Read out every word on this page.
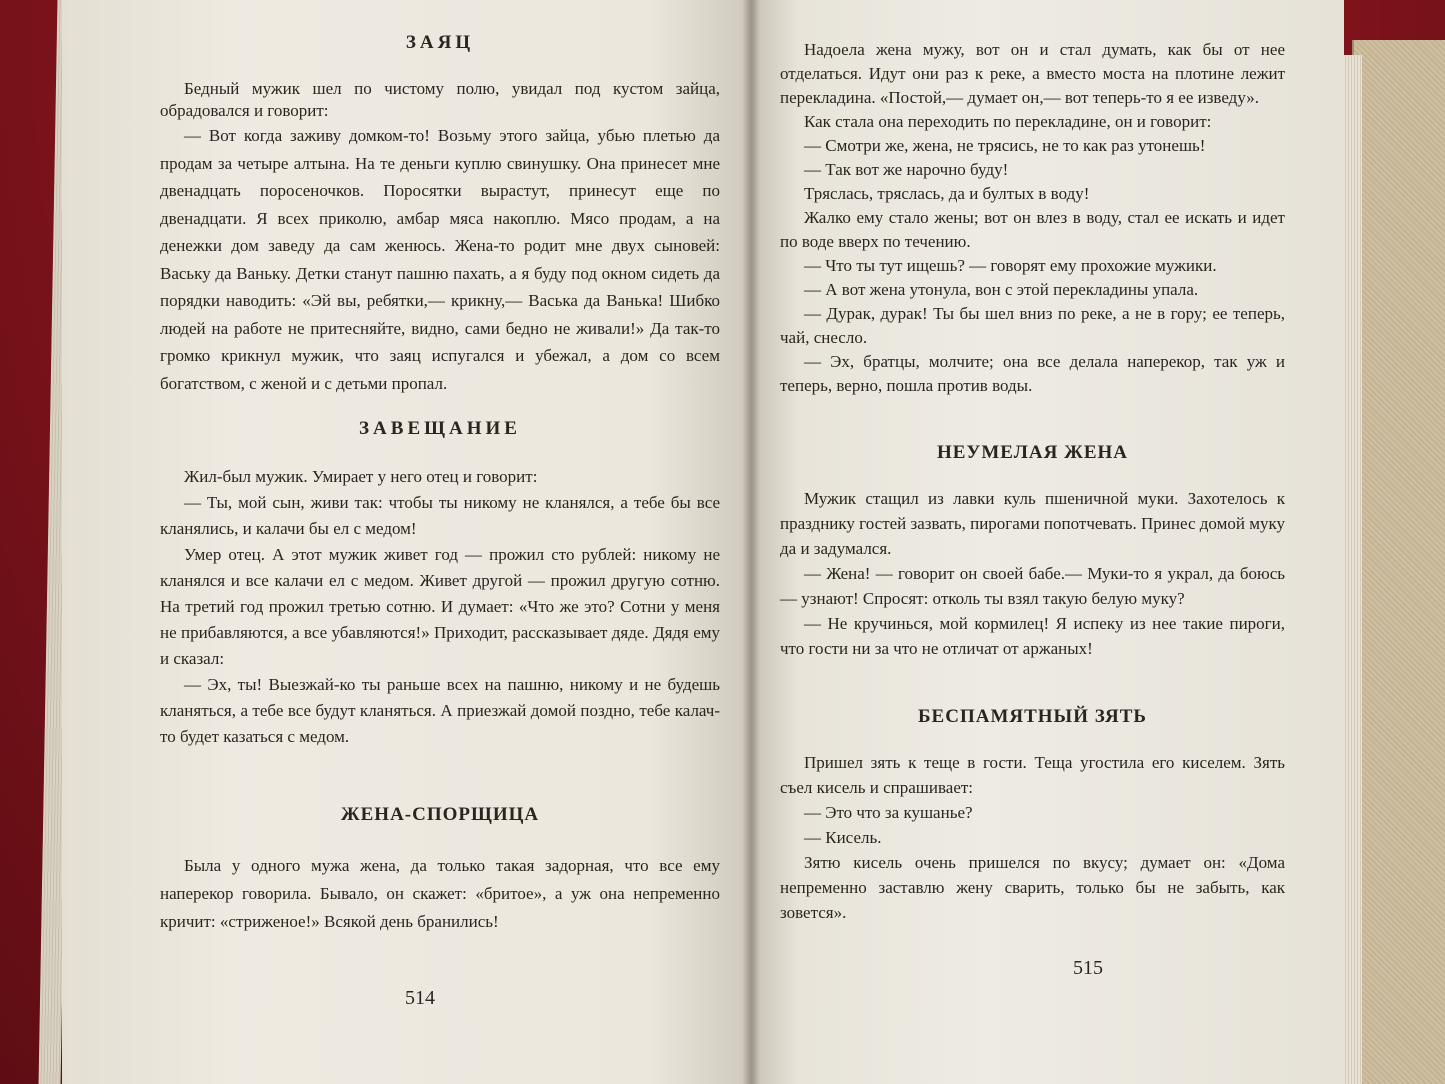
ЗАЯЦ

Бедный мужик шел по чистому полю, увидал под кустом зайца, обрадовался и говорит:

— Вот когда заживу домком-то! Возьму этого зайца, убью плетью да продам за четыре алтына. На те деньги куплю свинушку. Она принесет мне двенадцать поросеночков. Поросятки вырастут, принесут еще по двенадцати. Я всех приколю, амбар мяса накоплю. Мясо продам, а на денежки дом заведу да сам женюсь. Жена-то родит мне двух сыновей: Ваську да Ваньку. Детки станут пашню пахать, а я буду под окном сидеть да порядки наводить: «Эй вы, ребятки,— крикну,— Васька да Ванька! Шибко людей на работе не притесняйте, видно, сами бедно не живали!» Да так-то громко крикнул мужик, что заяц испугался и убежал, а дом со всем богатством, с женой и с детьми пропал.

ЗАВЕЩАНИЕ

Жил-был мужик. Умирает у него отец и говорит:

— Ты, мой сын, живи так: чтобы ты никому не кланялся, а тебе бы все кланялись, и калачи бы ел с медом!

Умер отец. А этот мужик живет год — прожил сто рублей: никому не кланялся и все калачи ел с медом. Живет другой — прожил другую сотню. На третий год прожил третью сотню. И думает: «Что же это? Сотни у меня не прибавляются, а все убавляются!» Приходит, рассказывает дяде. Дядя ему и сказал:

— Эх, ты! Выезжай-ко ты раньше всех на пашню, никому и не будешь кланяться, а тебе все будут кланяться. А приезжай домой поздно, тебе калач-то будет казаться с медом.

ЖЕНА-СПОРЩИЦА

Была у одного мужа жена, да только такая задорная, что все ему наперекор говорила. Бывало, он скажет: «бритое», а уж она непременно кричит: «стриженое!» Всякой день бранились!

514

Надоела жена мужу, вот он и стал думать, как бы от нее отделаться. Идут они раз к реке, а вместо моста на плотине лежит перекладина. «Постой,— думает он,— вот теперь-то я ее изведу».

Как стала она переходить по перекладине, он и говорит:

— Смотри же, жена, не трясись, не то как раз утонешь!

— Так вот же нарочно буду!

Тряслась, тряслась, да и бултых в воду!

Жалко ему стало жены; вот он влез в воду, стал ее искать и идет по воде вверх по течению.

— Что ты тут ищешь? — говорят ему прохожие мужики.

— А вот жена утонула, вон с этой перекладины упала.

— Дурак, дурак! Ты бы шел вниз по реке, а не в гору; ее теперь, чай, снесло.

— Эх, братцы, молчите; она все делала наперекор, так уж и теперь, верно, пошла против воды.

НЕУМЕЛАЯ ЖЕНА

Мужик стащил из лавки куль пшеничной муки. Захотелось к празднику гостей зазвать, пирогами попотчевать. Принес домой муку да и задумался.

— Жена! — говорит он своей бабе.— Муки-то я украл, да боюсь — узнают! Спросят: отколь ты взял такую белую муку?

— Не кручинься, мой кормилец! Я испеку из нее такие пироги, что гости ни за что не отличат от аржаных!

БЕСПАМЯТНЫЙ ЗЯТЬ

Пришел зять к теще в гости. Теща угостила его киселем. Зять съел кисель и спрашивает:

— Это что за кушанье?

— Кисель.

Зятю кисель очень пришелся по вкусу; думает он: «Дома непременно заставлю жену сварить, только бы не забыть, как зовется».

515
